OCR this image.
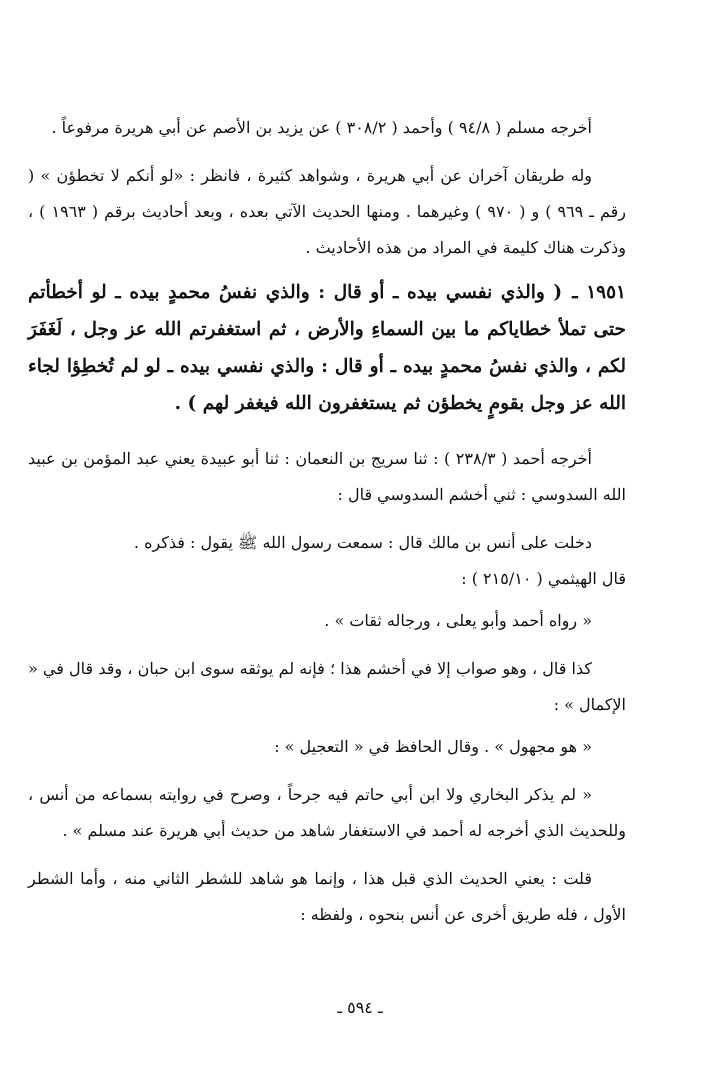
أخرجه مسلم ( ٩٤/٨ ) وأحمد ( ٣٠٨/٢ ) عن يزيد بن الأصم عن أبي هريرة مرفوعاً .

وله طريقان آخران عن أبي هريرة ، وشواهد كثيرة ، فانظر : «لو أنكم لا تخطؤن » ( رقم ـ ٩٦٩ ) و ( ٩٧٠ ) وغيرهما . ومنها الحديث الآتي بعده ، وبعد أحاديث برقم ( ١٩٦٣ ) ، وذكرت هناك كليمة في المراد من هذه الأحاديث .

١٩٥١ ـ( والذي نفسي بيده ـ أو قال : والذي نفسُ محمدٍ بيده ـ لو أخطأتم حتى تملأ خطاياكم ما بين السماءِ والأرض ، ثم استغفرتم الله عز وجل ، لَغَفَرَ لكم ، والذي نفسُ محمدٍ بيده ـ أو قال : والذي نفسي بيده ـ لو لم تُخطِؤا لجاء الله عز وجل بقومٍ يخطؤن ثم يستغفرون الله فيغفر لهم ) .

أخرجه أحمد ( ٢٣٨/٣ ) : ثنا سريج بن النعمان : ثنا أبو عبيدة يعني عبد المؤمن بن عبيد الله السدوسي : ثني أخشم السدوسي قال :

دخلت على أنس بن مالك قال : سمعت رسول الله ﷺ يقول : فذكره .

قال الهيثمي ( ٢١٥/١٠ ) :

« رواه أحمد وأبو يعلى ، ورجاله ثقات » .

كذا قال ، وهو صواب إلا في أخشم هذا ؛ فإنه لم يوثقه سوى ابن حبان ، وقد قال في « الإكمال » :

« هو مجهول » . وقال الحافظ في « التعجيل » :

« لم يذكر البخاري ولا ابن أبي حاتم فيه جرحاً ، وصرح في روايته بسماعه من أنس ، وللحديث الذي أخرجه له أحمد في الاستغفار شاهد من حديث أبي هريرة عند مسلم » .

قلت : يعني الحديث الذي قبل هذا ، وإنما هو شاهد للشطر الثاني منه ، وأما الشطر الأول ، فله طريق أخرى عن أنس بنحوه ، ولفظه :

ـ ٥٩٤ ـ
